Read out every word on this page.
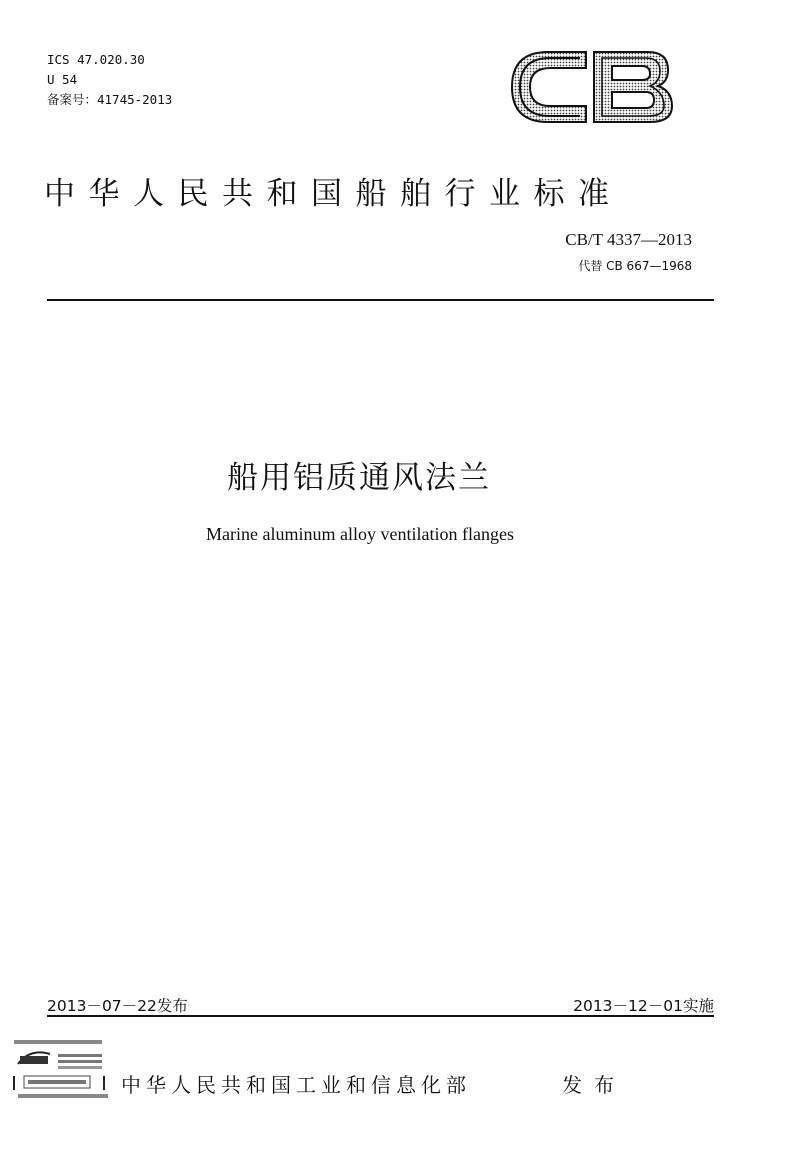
ICS 47.020.30
U 54
备案号：41745-2013
中华人民共和国船舶行业标准
CB/T 4337—2013
代替 CB 667—1968
船用铝质通风法兰
Marine aluminum alloy ventilation flanges
2013－07－22发布	2013－12－01实施
中华人民共和国工业和信息化部	发布
